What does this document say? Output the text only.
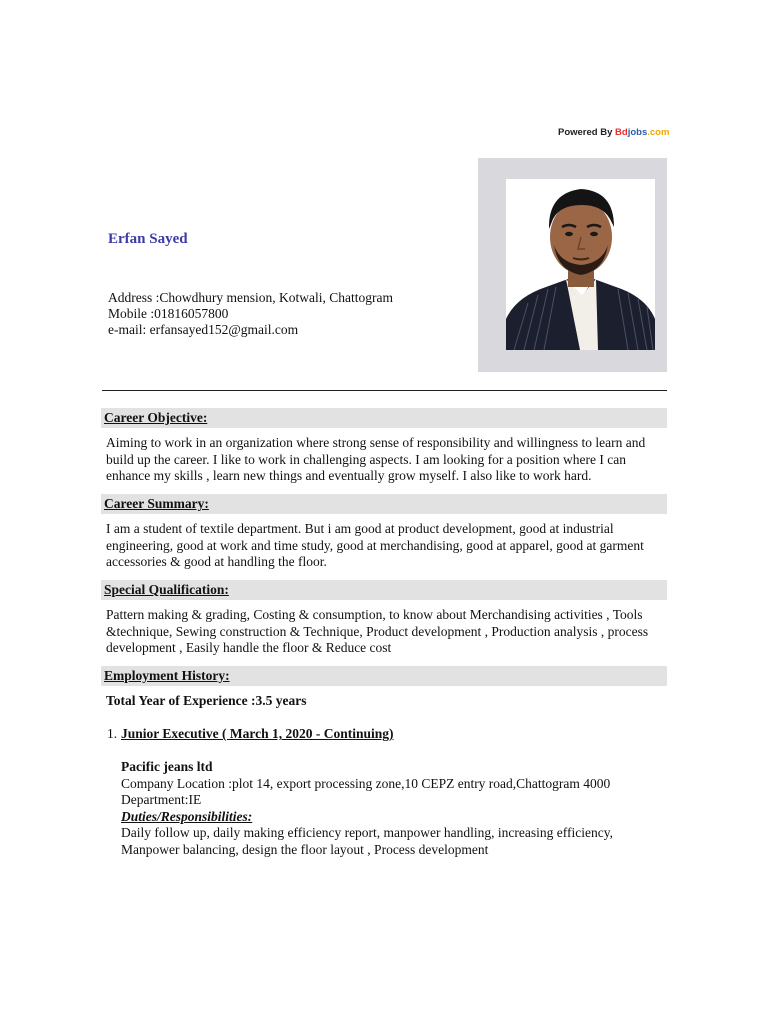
Powered By Bdjobs.com
Erfan Sayed
Address :Chowdhury mension, Kotwali, Chattogram
Mobile :01816057800
e-mail: erfansayed152@gmail.com
Career Objective:
Aiming to work in an organization where strong sense of responsibility and willingness to learn and
build up the career. I like to work in challenging aspects. I am looking for a position where I can
enhance my skills , learn new things and eventually grow myself. I also like to work hard.
Career Summary:
I am a student of textile department. But i am good at product development, good at industrial
engineering, good at work and time study, good at merchandising, good at apparel, good at garment
accessories & good at handling the floor.
Special Qualification:
Pattern making & grading, Costing & consumption, to know about Merchandising activities , Tools
&technique, Sewing construction & Technique, Product development , Production analysis , process
development , Easily handle the floor & Reduce cost
Employment History:
Total Year of Experience :3.5 years
1. Junior Executive ( March 1, 2020 - Continuing)
Pacific jeans ltd
Company Location :plot 14, export processing zone,10 CEPZ entry road,Chattogram 4000
Department:IE
Duties/Responsibilities:
Daily follow up, daily making efficiency report, manpower handling, increasing efficiency,
Manpower balancing, design the floor layout , Process development
